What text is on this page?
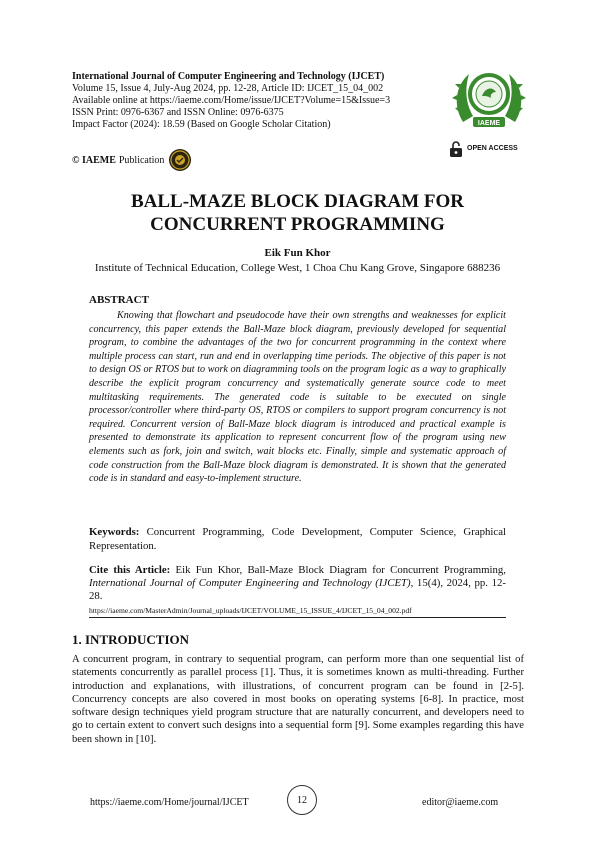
International Journal of Computer Engineering and Technology (IJCET)
Volume 15, Issue 4, July-Aug 2024, pp. 12-28, Article ID: IJCET_15_04_002
Available online at https://iaeme.com/Home/issue/IJCET?Volume=15&Issue=3
ISSN Print: 0976-6367 and ISSN Online: 0976-6375
Impact Factor (2024): 18.59 (Based on Google Scholar Citation)
© IAEME Publication
IAEME
OPEN ACCESS
BALL-MAZE BLOCK DIAGRAM FOR
CONCURRENT PROGRAMMING
Eik Fun Khor
Institute of Technical Education, College West, 1 Choa Chu Kang Grove, Singapore 688236
ABSTRACT

Knowing that flowchart and pseudocode have their own strengths and weaknesses for explicit concurrency, this paper extends the Ball-Maze block diagram, previously developed for sequential program, to combine the advantages of the two for concurrent programming in the context where multiple process can start, run and end in overlapping time periods. The objective of this paper is not to design OS or RTOS but to work on diagramming tools on the program logic as a way to graphically describe the explicit program concurrency and systematically generate source code to meet multitasking requirements. The generated code is suitable to be executed on single processor/controller where third-party OS, RTOS or compilers to support program concurrency is not required. Concurrent version of Ball-Maze block diagram is introduced and practical example is presented to demonstrate its application to represent concurrent flow of the program using new elements such as fork, join and switch, wait blocks etc. Finally, simple and systematic approach of code construction from the Ball-Maze block diagram is demonstrated. It is shown that the generated code is in standard and easy-to-implement structure.

Keywords: Concurrent Programming, Code Development, Computer Science, Graphical Representation.

Cite this Article: Eik Fun Khor, Ball-Maze Block Diagram for Concurrent Programming, International Journal of Computer Engineering and Technology (IJCET), 15(4), 2024, pp. 12-28.

https://iaeme.com/MasterAdmin/Journal_uploads/IJCET/VOLUME_15_ISSUE_4/IJCET_15_04_002.pdf
1. INTRODUCTION

A concurrent program, in contrary to sequential program, can perform more than one sequential list of statements concurrently as parallel process [1]. Thus, it is sometimes known as multi-threading. Further introduction and explanations, with illustrations, of concurrent program can be found in [2-5]. Concurrency concepts are also covered in most books on operating systems [6-8]. In practice, most software design techniques yield program structure that are naturally concurrent, and developers need to go to certain extent to convert such designs into a sequential form [9]. Some examples regarding this have been shown in [10].

https://iaeme.com/Home/journal/IJCET	12	editor@iaeme.com
